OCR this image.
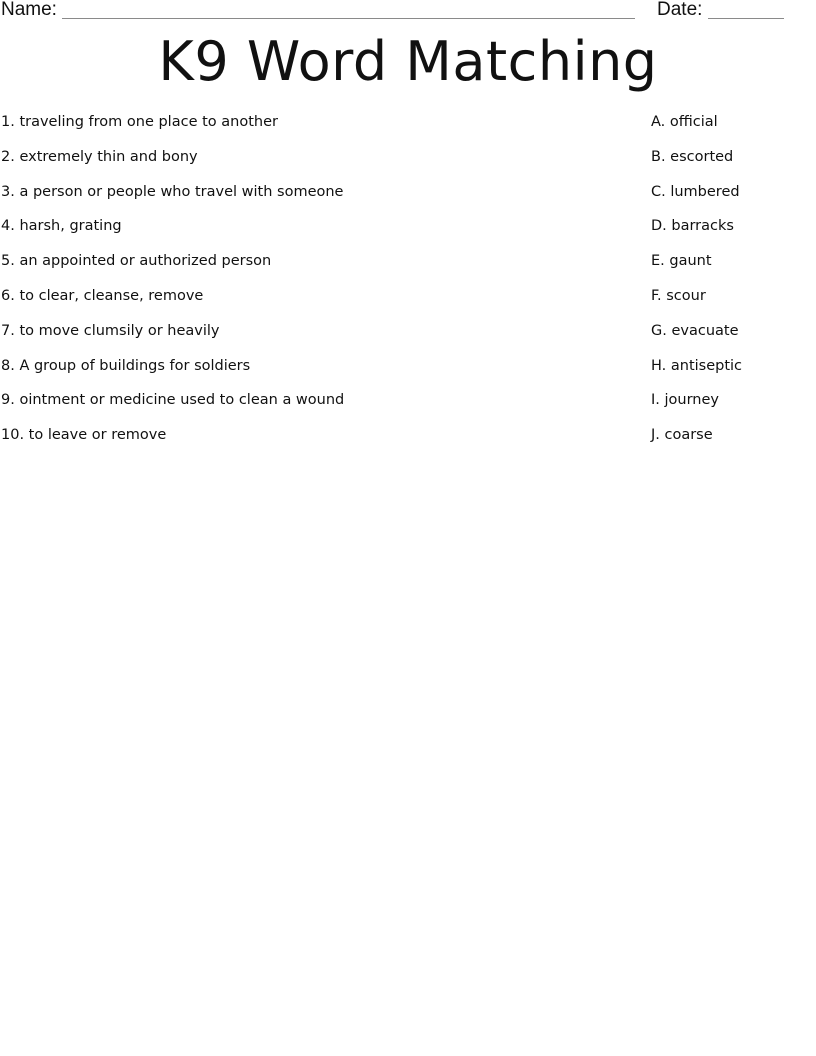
Name:	Date:
K9 Word Matching
1. traveling from one place to another
2. extremely thin and bony
3. a person or people who travel with someone
4. harsh, grating
5. an appointed or authorized person
6. to clear, cleanse, remove
7. to move clumsily or heavily
8. A group of buildings for soldiers
9. ointment or medicine used to clean a wound
10. to leave or remove
A. official
B. escorted
C. lumbered
D. barracks
E. gaunt
F. scour
G. evacuate
H. antiseptic
I. journey
J. coarse
